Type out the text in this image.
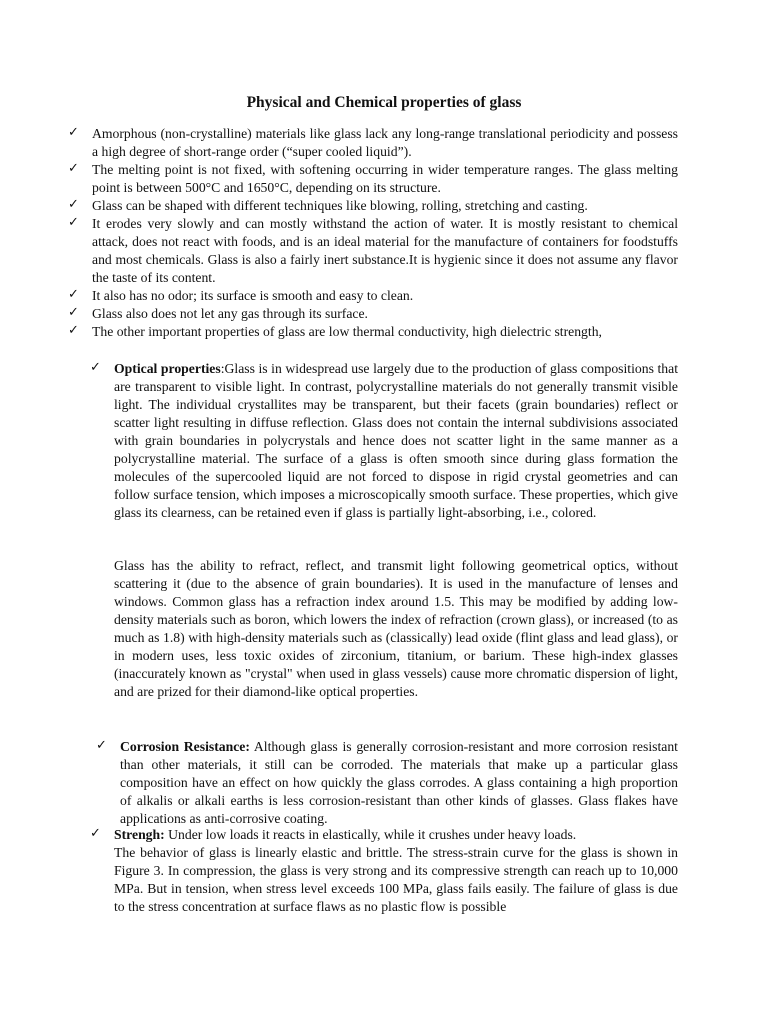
Physical and Chemical properties of glass
✓ Amorphous (non-crystalline) materials like glass lack any long-range translational periodicity and possess a high degree of short-range order (“super cooled liquid”).
✓ The melting point is not fixed, with softening occurring in wider temperature ranges. The glass melting point is between 500°C and 1650°C, depending on its structure.
✓ Glass can be shaped with different techniques like blowing, rolling, stretching and casting.
✓ It erodes very slowly and can mostly withstand the action of water. It is mostly resistant to chemical attack, does not react with foods, and is an ideal material for the manufacture of containers for foodstuffs and most chemicals. Glass is also a fairly inert substance.It is hygienic since it does not assume any flavor the taste of its content.
✓ It also has no odor; its surface is smooth and easy to clean.
✓ Glass also does not let any gas through its surface.
✓ The other important properties of glass are low thermal conductivity, high dielectric strength,
✓ Optical properties:Glass is in widespread use largely due to the production of glass compositions that are transparent to visible light. In contrast, polycrystalline materials do not generally transmit visible light. The individual crystallites may be transparent, but their facets (grain boundaries) reflect or scatter light resulting in diffuse reflection. Glass does not contain the internal subdivisions associated with grain boundaries in polycrystals and hence does not scatter light in the same manner as a polycrystalline material. The surface of a glass is often smooth since during glass formation the molecules of the supercooled liquid are not forced to dispose in rigid crystal geometries and can follow surface tension, which imposes a microscopically smooth surface. These properties, which give glass its clearness, can be retained even if glass is partially light-absorbing, i.e., colored.
Glass has the ability to refract, reflect, and transmit light following geometrical optics, without scattering it (due to the absence of grain boundaries). It is used in the manufacture of lenses and windows. Common glass has a refraction index around 1.5. This may be modified by adding low-density materials such as boron, which lowers the index of refraction (crown glass), or increased (to as much as 1.8) with high-density materials such as (classically) lead oxide (flint glass and lead glass), or in modern uses, less toxic oxides of zirconium, titanium, or barium. These high-index glasses (inaccurately known as "crystal" when used in glass vessels) cause more chromatic dispersion of light, and are prized for their diamond-like optical properties.
✓ Corrosion Resistance: Although glass is generally corrosion-resistant and more corrosion resistant than other materials, it still can be corroded. The materials that make up a particular glass composition have an effect on how quickly the glass corrodes. A glass containing a high proportion of alkalis or alkali earths is less corrosion-resistant than other kinds of glasses. Glass flakes have applications as anti-corrosive coating.
✓ Strengh: Under low loads it reacts in elastically, while it crushes under heavy loads.
The behavior of glass is linearly elastic and brittle. The stress-strain curve for the glass is shown in Figure 3. In compression, the glass is very strong and its compressive strength can reach up to 10,000 MPa. But in tension, when stress level exceeds 100 MPa, glass fails easily. The failure of glass is due to the stress concentration at surface flaws as no plastic flow is possible
